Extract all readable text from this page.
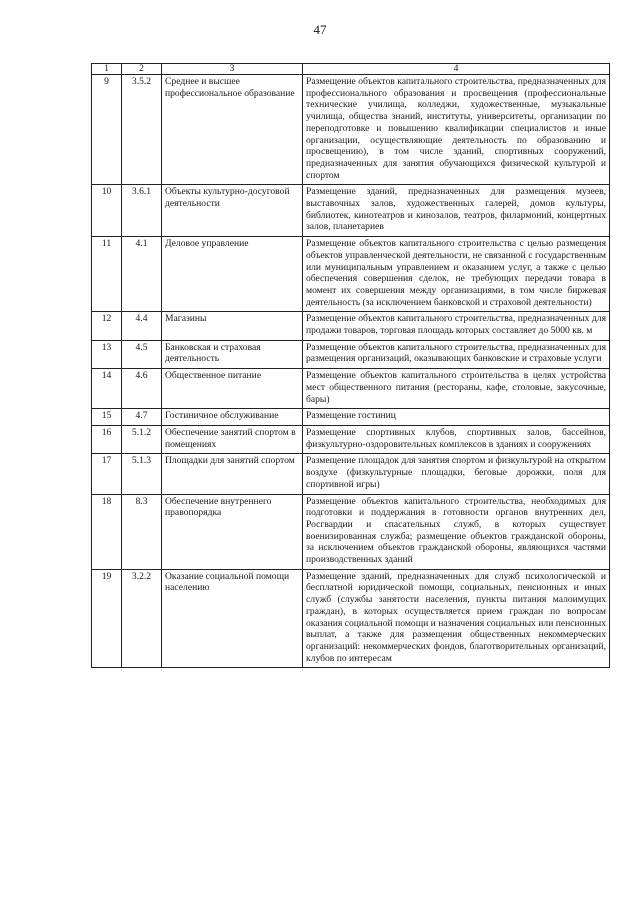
47
1	2	3	4
9	3.5.2	Среднее и высшее профессиональное образование	Размещение объектов капитального строительства, предназначенных для профессионального образования и просвещения (профессиональные технические училища, колледжи, художественные, музыкальные училища, общества знаний, институты, университеты, организации по переподготовке и повышению квалификации специалистов и иные организации, осуществляющие деятельность по образованию и просвещению), в том числе зданий, спортивных сооружений, предназначенных для занятия обучающихся физической культурой и спортом
10	3.6.1	Объекты культурно-досуговой деятельности	Размещение зданий, предназначенных для размещения музеев, выставочных залов, художественных галерей, домов культуры, библиотек, кинотеатров и кинозалов, театров, филармоний, концертных залов, планетариев
11	4.1	Деловое управление	Размещение объектов капитального строительства с целью размещения объектов управленческой деятельности, не связанной с государственным или муниципальным управлением и оказанием услуг, а также с целью обеспечения совершения сделок, не требующих передачи товара в момент их совершения между организациями, в том числе биржевая деятельность (за исключением банковской и страховой деятельности)
12	4.4	Магазины	Размещение объектов капитального строительства, предназначенных для продажи товаров, торговая площадь которых составляет до 5000 кв. м
13	4.5	Банковская и страховая деятельность	Размещение объектов капитального строительства, предназначенных для размещения организаций, оказывающих банковские и страховые услуги
14	4.6	Общественное питание	Размещение объектов капитального строительства в целях устройства мест общественного питания (рестораны, кафе, столовые, закусочные, бары)
15	4.7	Гостиничное обслуживание	Размещение гостиниц
16	5.1.2	Обеспечение занятий спортом в помещениях	Размещение спортивных клубов, спортивных залов, бассейнов, физкультурно-оздоровительных комплексов в зданиях и сооружениях
17	5.1.3	Площадки для занятий спортом	Размещение площадок для занятия спортом и физкультурой на открытом воздухе (физкультурные площадки, беговые дорожки, поля для спортивной игры)
18	8.3	Обеспечение внутреннего правопорядка	Размещение объектов капитального строительства, необходимых для подготовки и поддержания в готовности органов внутренних дел, Росгвардии и спасательных служб, в которых существует военизированная служба; размещение объектов гражданской обороны, за исключением объектов гражданской обороны, являющихся частями производственных зданий
19	3.2.2	Оказание социальной помощи населению	Размещение зданий, предназначенных для служб психологической и бесплатной юридической помощи, социальных, пенсионных и иных служб (службы занятости населения, пункты питания малоимущих граждан), в которых осуществляется прием граждан по вопросам оказания социальной помощи и назначения социальных или пенсионных выплат, а также для размещения общественных некоммерческих организаций: некоммерческих фондов, благотворительных организаций, клубов по интересам
